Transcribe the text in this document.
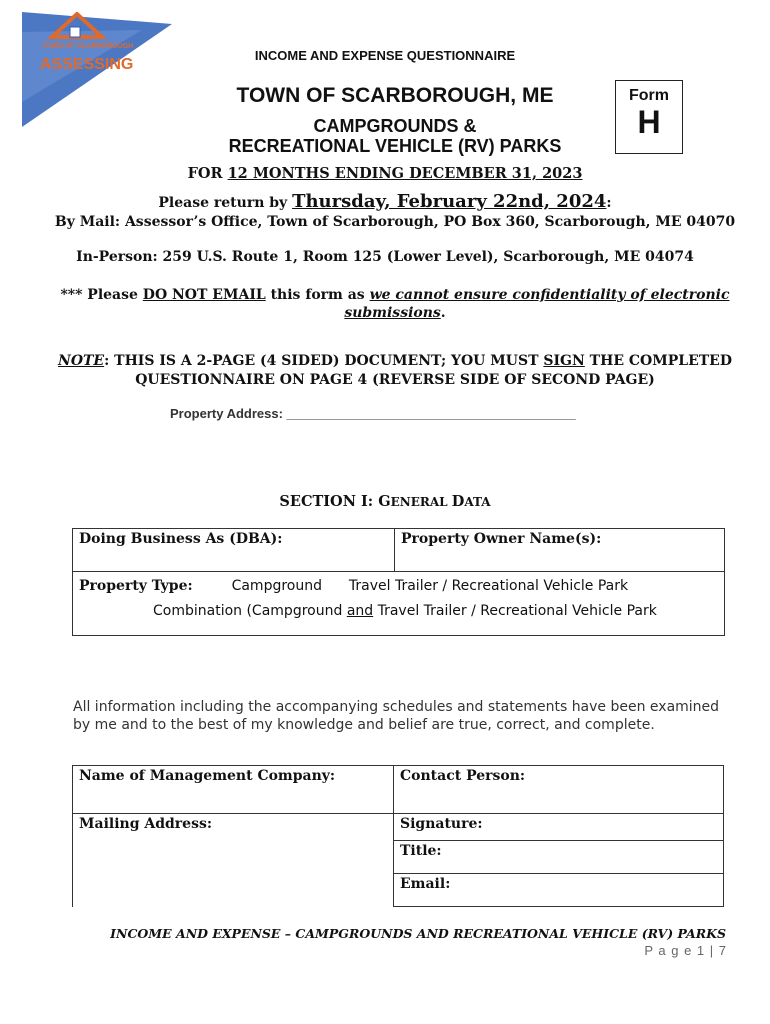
TOWN OF SCARBOROUGH
ASSESSING
INCOME AND EXPENSE QUESTIONNAIRE
TOWN OF SCARBOROUGH, ME
CAMPGROUNDS &
RECREATIONAL VEHICLE (RV) PARKS
Form
H
FOR 12 MONTHS ENDING DECEMBER 31, 2023
Please return by Thursday, February 22nd, 2024:
By Mail: Assessor’s Office, Town of Scarborough, PO Box 360, Scarborough, ME 04070
In-Person: 259 U.S. Route 1, Room 125 (Lower Level), Scarborough, ME 04074
*** Please DO NOT EMAIL this form as we cannot ensure confidentiality of electronic submissions.
NOTE: THIS IS A 2-PAGE (4 SIDED) DOCUMENT; YOU MUST SIGN THE COMPLETED QUESTIONNAIRE ON PAGE 4 (REVERSE SIDE OF SECOND PAGE)
Property Address: ________________________________________
SECTION I: GENERAL DATA
Doing Business As (DBA):	Property Owner Name(s):

Property Type:	Campground Travel Trailer / Recreational Vehicle Park
Combination (Campground and Travel Trailer / Recreational Vehicle Park
All information including the accompanying schedules and statements have been examined by me and to the best of my knowledge and belief are true, correct, and complete.
Name of Management Company:	Contact Person:
Mailing Address:	Signature:
	Title:
	Email:
INCOME AND EXPENSE – CAMPGROUNDS AND RECREATIONAL VEHICLE (RV) PARKS
P a g e 1 | 7
